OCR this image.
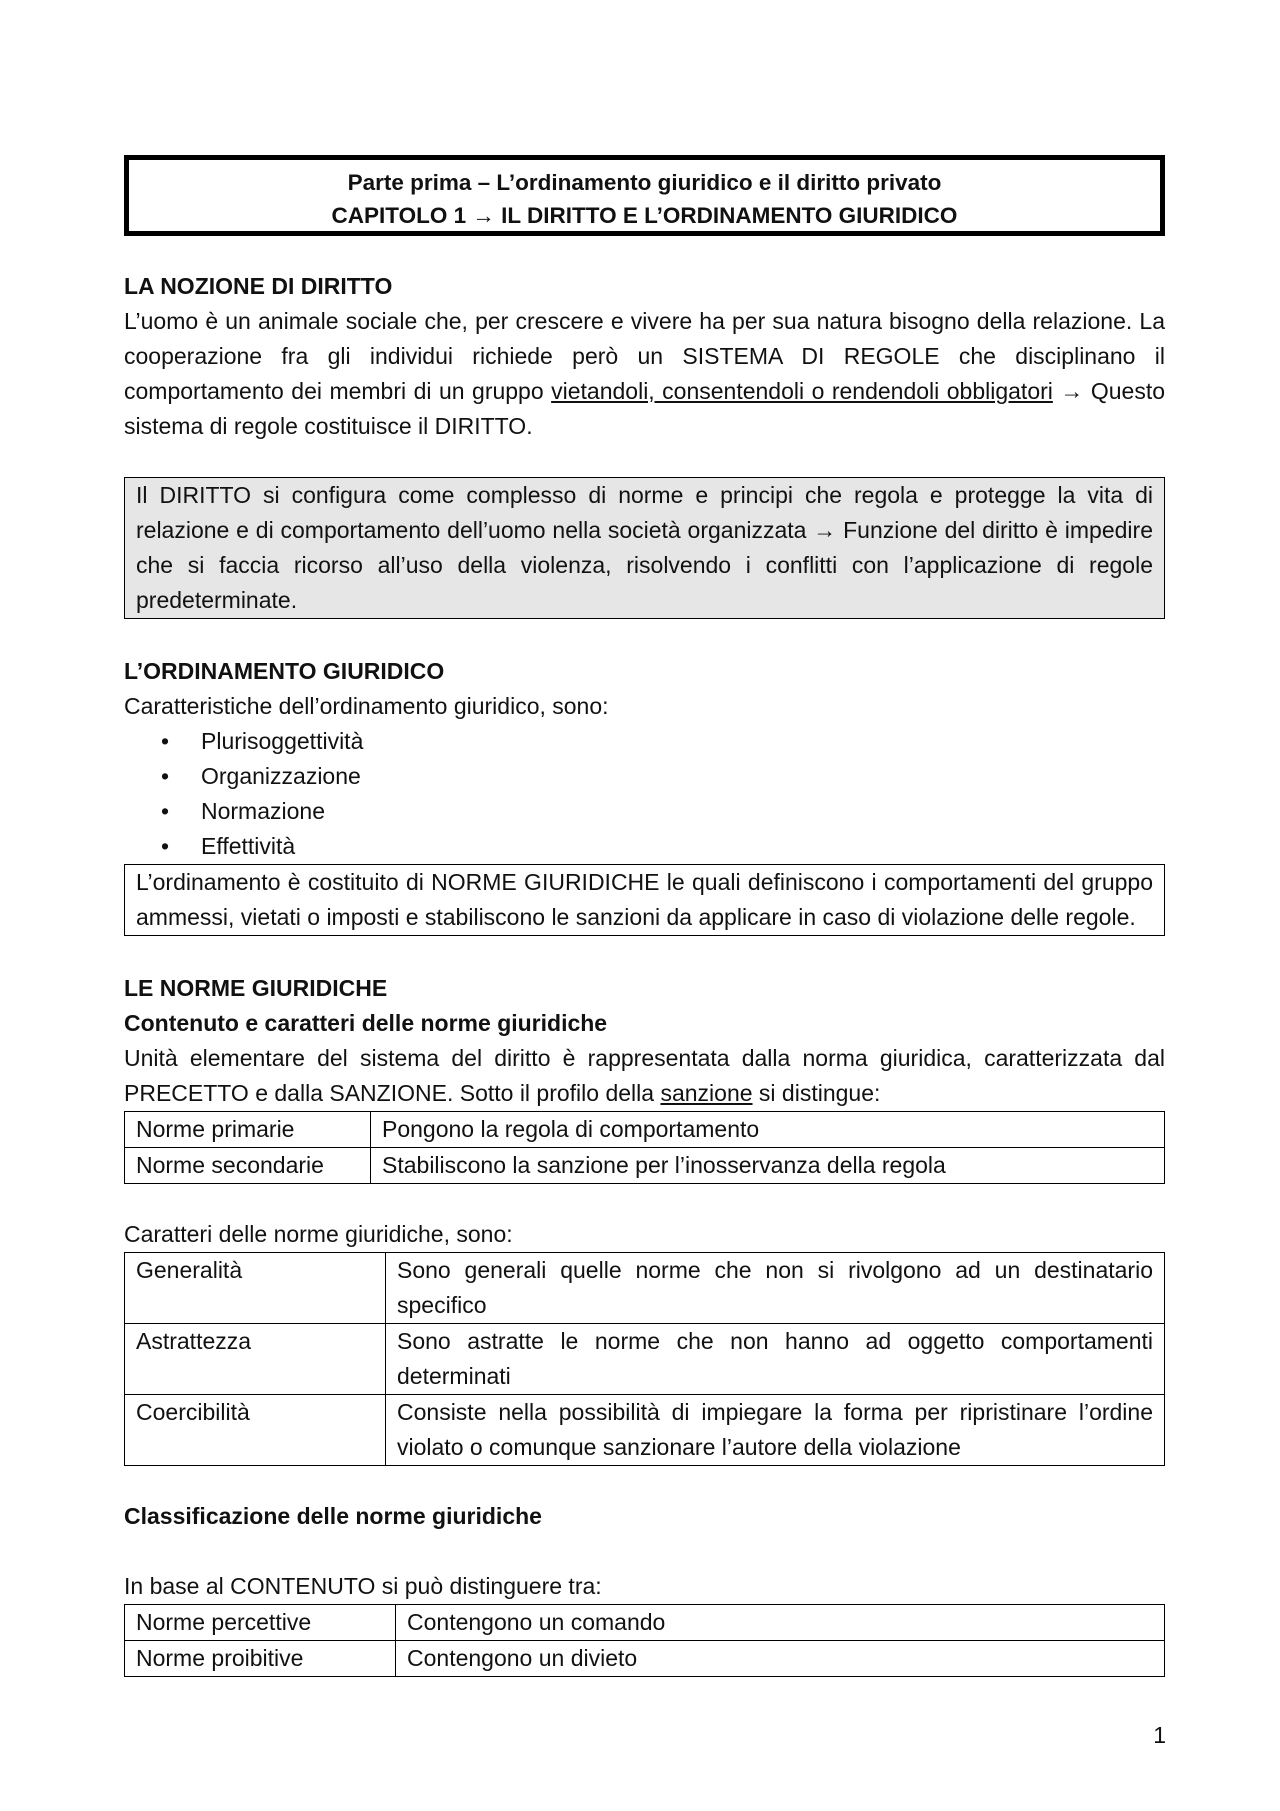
Parte prima – L’ordinamento giuridico e il diritto privato
CAPITOLO 1 → IL DIRITTO E L’ORDINAMENTO GIURIDICO
LA NOZIONE DI DIRITTO

L’uomo è un animale sociale che, per crescere e vivere ha per sua natura bisogno della relazione. La cooperazione fra gli individui richiede però un SISTEMA DI REGOLE che disciplinano il comportamento dei membri di un gruppo vietandoli, consentendoli o rendendoli obbligatori → Questo sistema di regole costituisce il DIRITTO.

Il DIRITTO si configura come complesso di norme e principi che regola e protegge la vita di relazione e di comportamento dell’uomo nella società organizzata → Funzione del diritto è impedire che si faccia ricorso all’uso della violenza, risolvendo i conflitti con l’applicazione di regole predeterminate.

L’ORDINAMENTO GIURIDICO

Caratteristiche dell’ordinamento giuridico, sono:

• Plurisoggettività
• Organizzazione
• Normazione
• Effettività

L’ordinamento è costituito di NORME GIURIDICHE le quali definiscono i comportamenti del gruppo ammessi, vietati o imposti e stabiliscono le sanzioni da applicare in caso di violazione delle regole.

LE NORME GIURIDICHE
Contenuto e caratteri delle norme giuridiche

Unità elementare del sistema del diritto è rappresentata dalla norma giuridica, caratterizzata dal PRECETTO e dalla SANZIONE. Sotto il profilo della sanzione si distingue:

Norme primarie	Pongono la regola di comportamento
Norme secondarie	Stabiliscono la sanzione per l’inosservanza della regola

Caratteri delle norme giuridiche, sono:

Generalità	Sono generali quelle norme che non si rivolgono ad un destinatario specifico
Astrattezza	Sono astratte le norme che non hanno ad oggetto comportamenti determinati
Coercibilità	Consiste nella possibilità di impiegare la forma per ripristinare l’ordine violato o comunque sanzionare l’autore della violazione
Classificazione delle norme giuridiche

In base al CONTENUTO si può distinguere tra:

Norme percettive	Contengono un comando
Norme proibitive	Contengono un divieto
1
